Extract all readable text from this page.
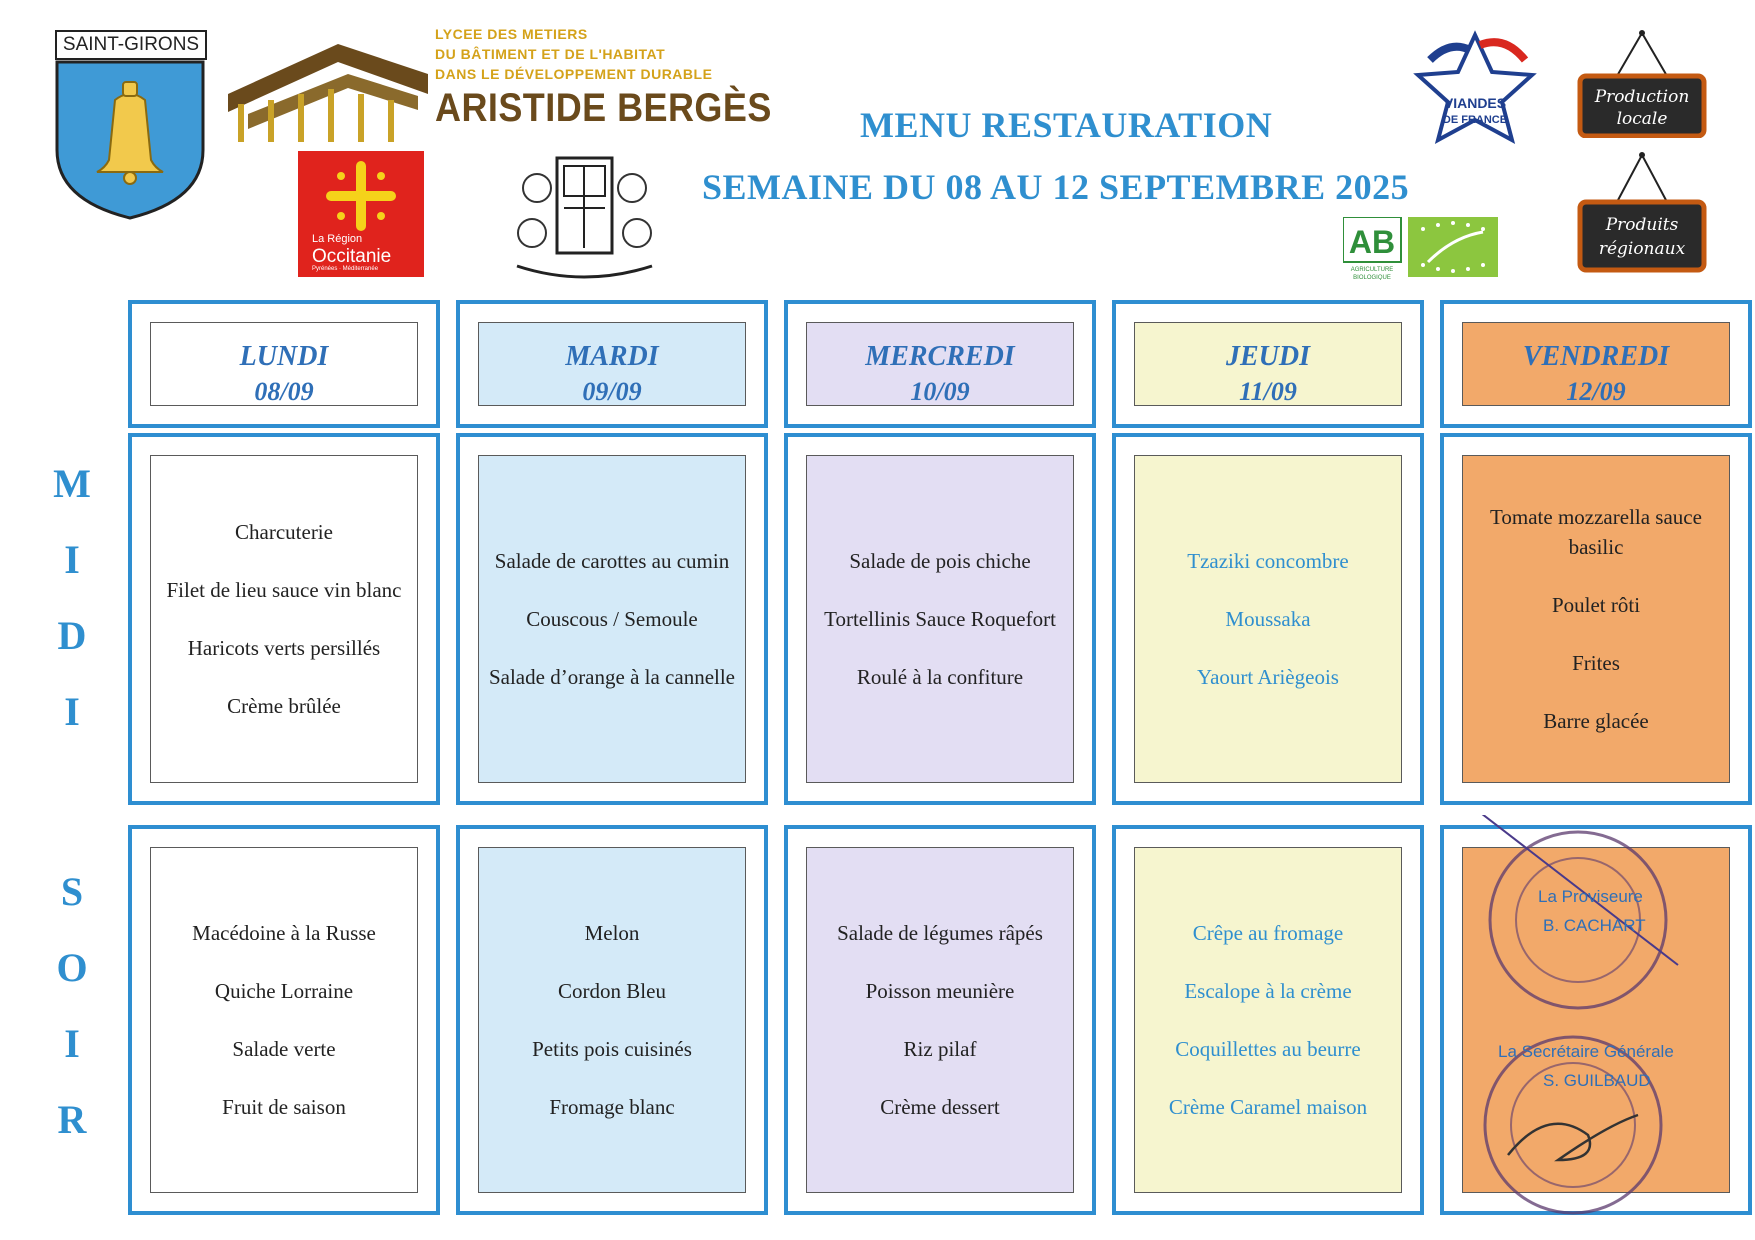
SAINT-GIRONS	LYCEE DES METIERS
DU BÂTIMENT ET DE L'HABITAT
DANS LE DÉVELOPPEMENT DURABLE
ARISTIDE BERGÈS
La Région
Occitanie
Pyrénées · Méditerranée
MENU RESTAURATION
SEMAINE DU 08 AU 12 SEPTEMBRE 2025
VIANDES
DE FRANCE
AB
AGRICULTURE
BIOLOGIQUE
Production
locale
Produits
régionaux
M
I
D
I
S
O
I
R
LUNDI
08/09
Charcuterie
Filet de lieu sauce vin blanc
Haricots verts persillés
Crème brûlée
Macédoine à la Russe
Quiche Lorraine
Salade verte
Fruit de saison
MARDI
09/09
Salade de carottes au cumin
Couscous / Semoule
Salade d’orange à la cannelle
Melon
Cordon Bleu
Petits pois cuisinés
Fromage blanc
MERCREDI
10/09
Salade de pois chiche
Tortellinis Sauce Roquefort
Roulé à la confiture
Salade de légumes râpés
Poisson meunière
Riz pilaf
Crème dessert
JEUDI
11/09
Tzaziki concombre
Moussaka
Yaourt Ariègeois
Crêpe au fromage
Escalope à la crème
Coquillettes au beurre
Crème Caramel maison
VENDREDI
12/09
Tomate mozzarella sauce basilic
Poulet rôti
Frites
Barre glacée
La Proviseure
B. CACHART
La Secrétaire Générale
S. GUILBAUD
